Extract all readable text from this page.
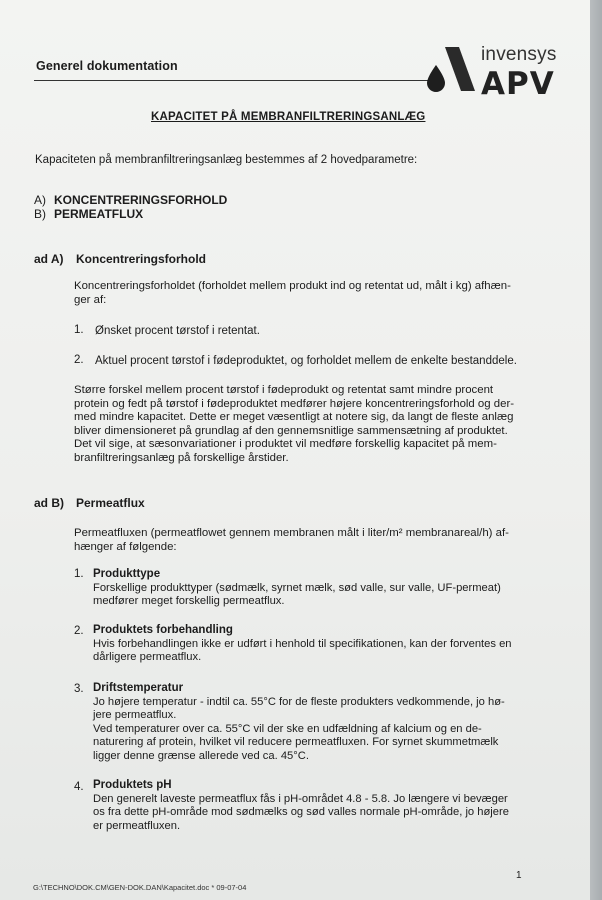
Generel dokumentation
invensys
APV
KAPACITET PÅ MEMBRANFILTRERINGSANLÆG
Kapaciteten på membranfiltreringsanlæg bestemmes af 2 hovedparametre:
A) KONCENTRERINGSFORHOLD
B) PERMEATFLUX
ad A) Koncentreringsforhold
Koncentreringsforholdet (forholdet mellem produkt ind og retentat ud, målt i kg) afhæn-
ger af:
1. Ønsket procent tørstof i retentat.
2. Aktuel procent tørstof i fødeproduktet, og forholdet mellem de enkelte bestanddele.
Større forskel mellem procent tørstof i fødeprodukt og retentat samt mindre procent
protein og fedt på tørstof i fødeproduktet medfører højere koncentreringsforhold og der-
med mindre kapacitet. Dette er meget væsentligt at notere sig, da langt de fleste anlæg
bliver dimensioneret på grundlag af den gennemsnitlige sammensætning af produktet.
Det vil sige, at sæsonvariationer i produktet vil medføre forskellig kapacitet på mem-
branfiltreringsanlæg på forskellige årstider.
ad B) Permeatflux
Permeatfluxen (permeatflowet gennem membranen målt i liter/m² membranareal/h) af-
hænger af følgende:
1. Produkttype
Forskellige produkttyper (sødmælk, syrnet mælk, sød valle, sur valle, UF-permeat)
medfører meget forskellig permeatflux.
2. Produktets forbehandling
Hvis forbehandlingen ikke er udført i henhold til specifikationen, kan der forventes en
dårligere permeatflux.
3. Driftstemperatur
Jo højere temperatur - indtil ca. 55°C for de fleste produkters vedkommende, jo hø-
jere permeatflux.
Ved temperaturer over ca. 55°C vil der ske en udfældning af kalcium og en de-
naturering af protein, hvilket vil reducere permeatfluxen. For syrnet skummetmælk
ligger denne grænse allerede ved ca. 45°C.
4. Produktets pH
Den generelt laveste permeatflux fås i pH-området 4.8 - 5.8. Jo længere vi bevæger
os fra dette pH-område mod sødmælks og sød valles normale pH-område, jo højere
er permeatfluxen.
1
G:\TECHNO\DOK.CM\GEN-DOK.DAN\Kapacitet.doc * 09-07-04
